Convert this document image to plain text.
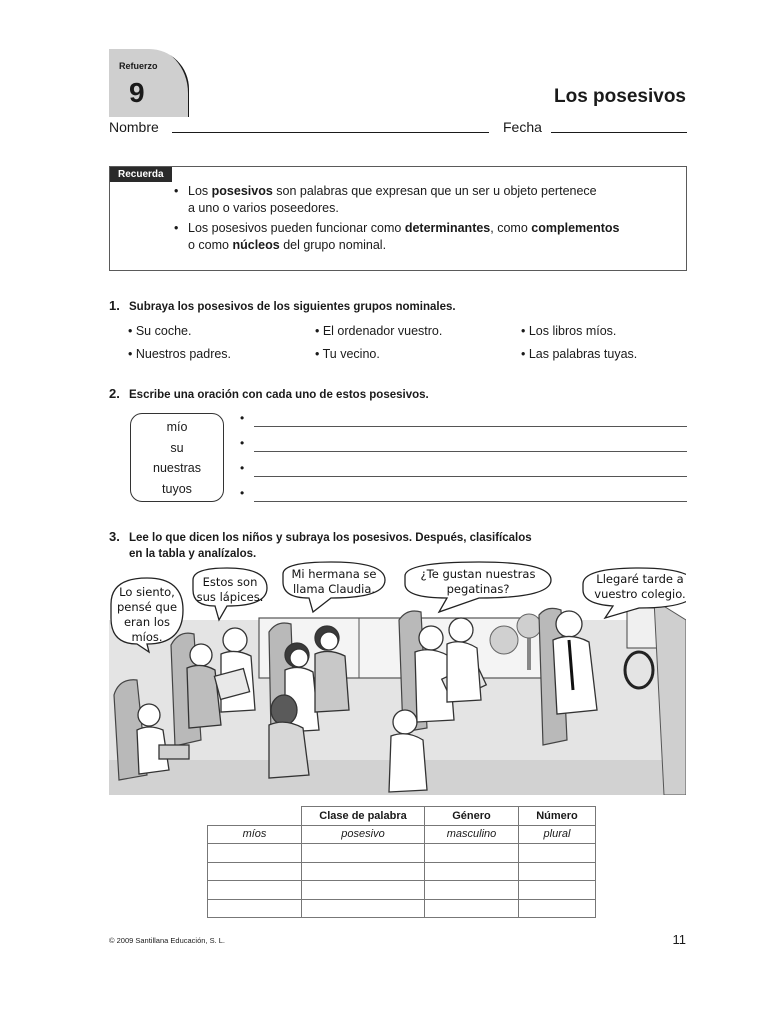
Refuerzo
9	Los posesivos
Nombre	Fecha
Recuerda
• Los posesivos son palabras que expresan que un ser u objeto pertenece
a uno o varios poseedores.
• Los posesivos pueden funcionar como determinantes, como complementos
o como núcleos del grupo nominal.
1. Subraya los posesivos de los siguientes grupos nominales.
• Su coche.	• El ordenador vuestro.	• Los libros míos.
• Nuestros padres.	• Tu vecino.	• Las palabras tuyas.
2. Escribe una oración con cada uno de estos posesivos.
mío
su
nuestras
tuyos
•
•
•
•
3. Lee lo que dicen los niños y subraya los posesivos. Después, clasifícalos
en la tabla y analízalos.
Lo siento,
pensé que
eran los
míos.
Estos son
sus lápices.
Mi hermana se
llama Claudia.
¿Te gustan nuestras
pegatinas?
Llegaré tarde a
vuestro colegio.
	Clase de palabra	Género	Número
míos	posesivo	masculino	plural

© 2009 Santillana Educación, S. L.	11
